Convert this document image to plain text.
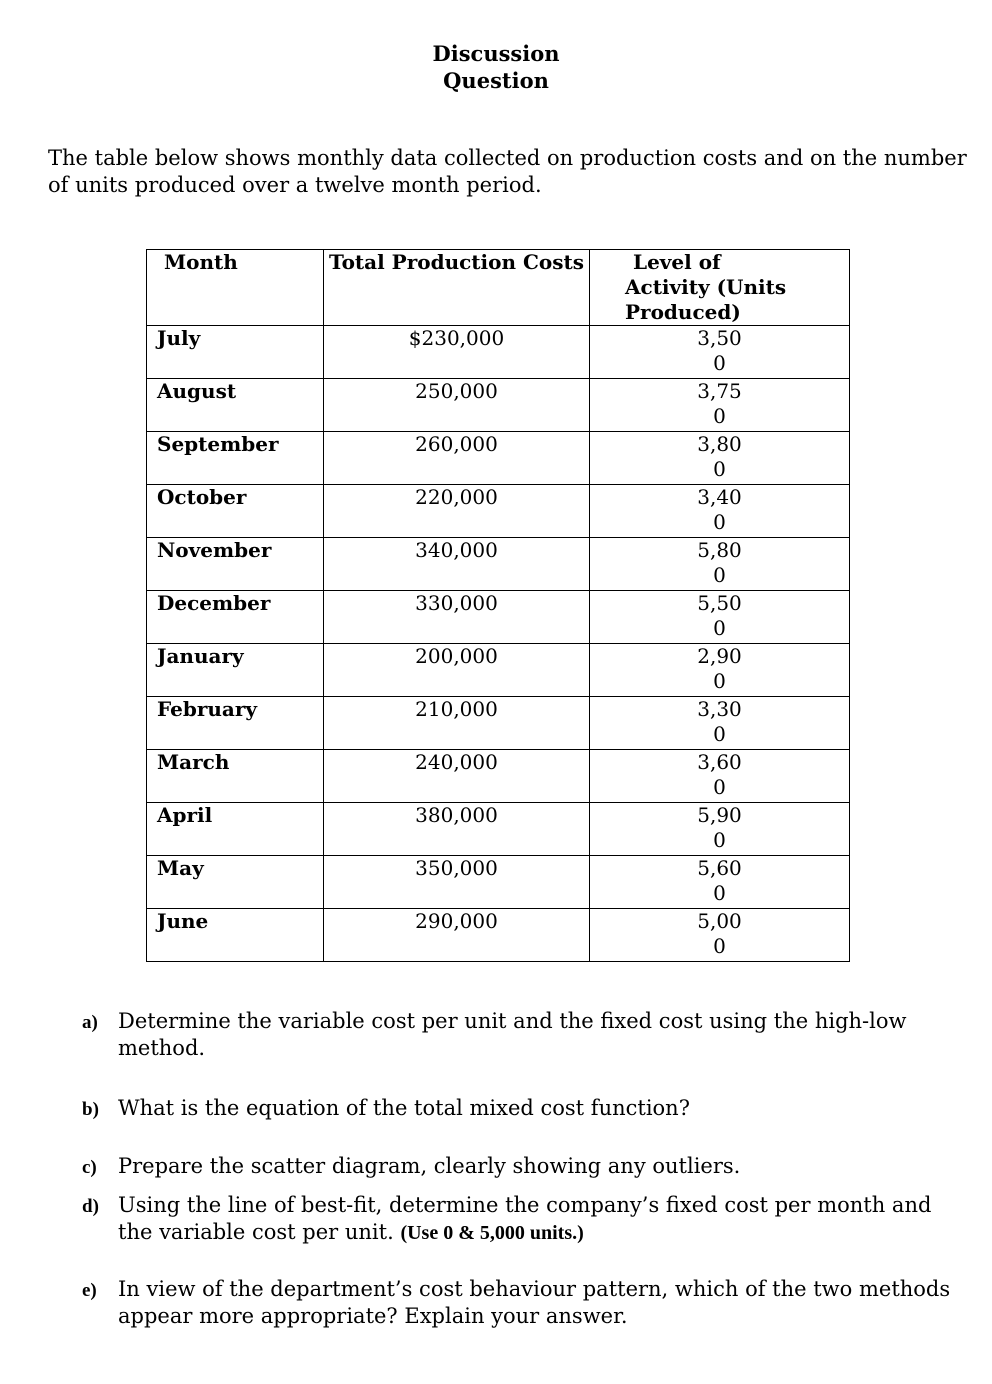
Discussion
Question

The table below shows monthly data collected on production costs and on the number of units produced over a twelve month period.

Month	Total Production Costs	Level of
Activity (Units
Produced)

July	$230,000	3,500
August	250,000	3,750
September	260,000	3,800
October	220,000	3,400
November	340,000	5,800
December	330,000	5,500
January	200,000	2,900
February	210,000	3,300
March	240,000	3,600
April	380,000	5,900
May	350,000	5,600
June	290,000	5,000
a) Determine the variable cost per unit and the fixed cost using the high-low method.
b) What is the equation of the total mixed cost function?
c) Prepare the scatter diagram, clearly showing any outliers.
d) Using the line of best-fit, determine the company’s fixed cost per month and the variable cost per unit. (Use 0 & 5,000 units.)
e) In view of the department’s cost behaviour pattern, which of the two methods appear more appropriate? Explain your answer.
